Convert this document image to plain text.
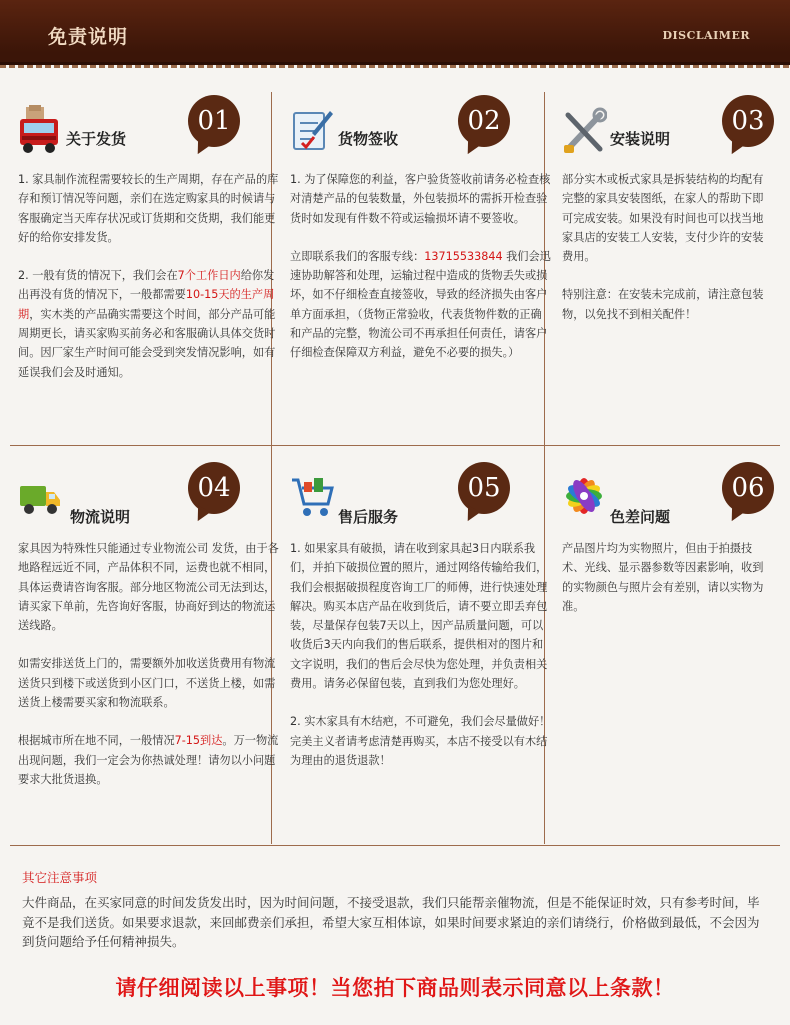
免责说明	DISCLAIMER
关于发货
01

1. 家具制作流程需要较长的生产周期，存在产品的库存和预订情况等问题，亲们在选定购家具的时候请与客服确定当天库存状况或订货期和交货期，我们能更好的给你安排发货。

2. 一般有货的情况下，我们会在7个工作日内给你发出再没有货的情况下，一般都需要10-15天的生产周期，实木类的产品确实需要这个时间，部分产品可能周期更长，请买家购买前务必和客服确认具体交货时间。因厂家生产时间可能会受到突发情况影响，如有延误我们会及时通知。

货物签收
02

1. 为了保障您的利益，客户验货签收前请务必检查核对清楚产品的包装数量，外包装损坏的需拆开检查验货时如发现有件数不符或运输损坏请不要签收。

立即联系我们的客服专线：13715533844 我们会迅速协助解答和处理，运输过程中造成的货物丢失或损坏，如不仔细检查直接签收，导致的经济损失由客户单方面承担，（货物正常验收，代表货物件数的正确和产品的完整，物流公司不再承担任何责任，请客户仔细检查保障双方利益，避免不必要的损失。）

安装说明
03

部分实木或板式家具是拆装结构的均配有完整的家具安装图纸，在家人的帮助下即可完成安装。如果没有时间也可以找当地家具店的安装工人安装，支付少许的安装费用。

特别注意：在安装未完成前，请注意包装物，以免找不到相关配件！

物流说明
04

家具因为特殊性只能通过专业物流公司 发货，由于各地路程远近不同，产品体积不同，运费也就不相同，具体运费请咨询客服。部分地区物流公司无法到达，请买家下单前，先咨询好客服，协商好到达的物流运送线路。

如需安排送货上门的，需要额外加收送货费用有物流送货只到楼下或送货到小区门口，不送货上楼，如需送货上楼需要买家和物流联系。

根据城市所在地不同，一般情况7-15到达。万一物流出现问题，我们一定会为你热诚处理！请勿以小问题要求大批货退换。

售后服务
05

1. 如果家具有破损，请在收到家具起3日内联系我们，并拍下破损位置的照片，通过网络传输给我们，我们会根据破损程度咨询工厂的师傅，进行快速处理解决。购买本店产品在收到货后，请不要立即丢弃包装，尽量保存包装7天以上，因产品质量问题，可以收货后3天内向我们的售后联系，提供相对的图片和文字说明，我们的售后会尽快为您处理，并负责相关费用。请务必保留包装，直到我们为您处理好。

2. 实木家具有木结疤，不可避免，我们会尽量做好！完美主义者请考虑清楚再购买，本店不接受以有木结为理由的退货退款！

色差问题
06

产品图片均为实物照片，但由于拍摄技术、光线、显示器参数等因素影响，收到的实物颜色与照片会有差别，请以实物为准。

其它注意事项
大件商品，在买家同意的时间发货发出时，因为时间问题，不接受退款，我们只能帮亲催物流，但是不能保证时效，只有参考时间，毕竟不是我们送货。如果要求退款，来回邮费亲们承担，希望大家互相体谅，如果时间要求紧迫的亲们请绕行，价格做到最低，不会因为到货问题给予任何精神损失。
请仔细阅读以上事项！当您拍下商品则表示同意以上条款！
